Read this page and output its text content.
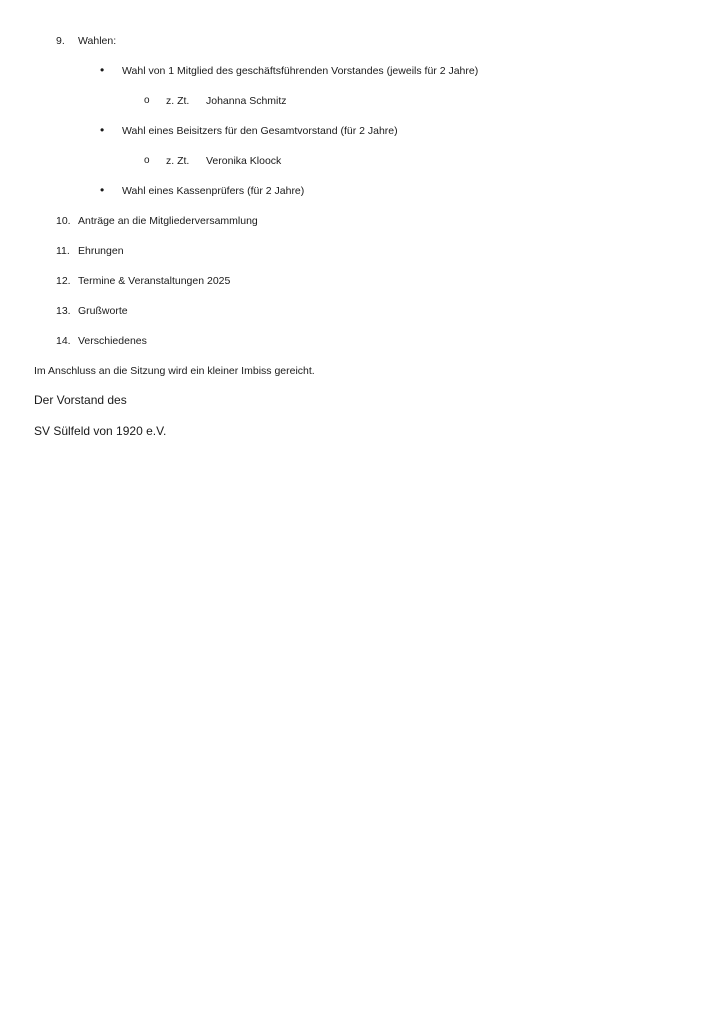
9. Wahlen:
• Wahl von 1 Mitglied des geschäftsführenden Vorstandes (jeweils für 2 Jahre)
o z. Zt. Johanna Schmitz
• Wahl eines Beisitzers für den Gesamtvorstand (für 2 Jahre)
o z. Zt. Veronika Kloock
• Wahl eines Kassenprüfers (für 2 Jahre)
10. Anträge an die Mitgliederversammlung
11. Ehrungen
12. Termine & Veranstaltungen 2025
13. Grußworte
14. Verschiedenes
Im Anschluss an die Sitzung wird ein kleiner Imbiss gereicht.
Der Vorstand des
SV Sülfeld von 1920 e.V.
